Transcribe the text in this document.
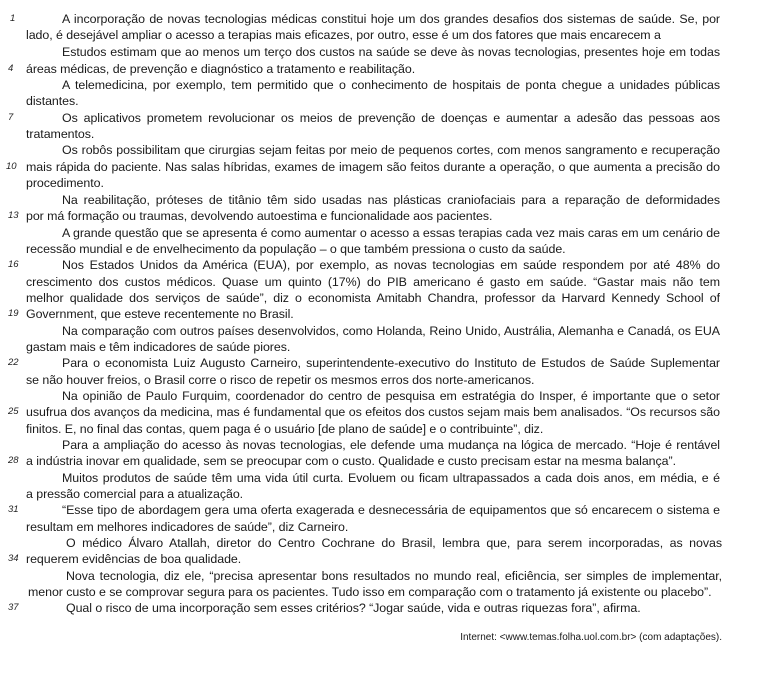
A incorporação de novas tecnologias médicas constitui hoje um dos grandes desafios dos sistemas de saúde. Se, por
lado, é desejável ampliar o acesso a terapias mais eficazes, por outro, esse é um dos fatores que mais encarecem a
Estudos estimam que ao menos um terço dos custos na saúde se deve às novas tecnologias, presentes hoje em todas
áreas médicas, de prevenção e diagnóstico a tratamento e reabilitação.
A telemedicina, por exemplo, tem permitido que o conhecimento de hospitais de ponta chegue a unidades públicas
distantes.
Os aplicativos prometem revolucionar os meios de prevenção de doenças e aumentar a adesão das pessoas aos
tratamentos.
Os robôs possibilitam que cirurgias sejam feitas por meio de pequenos cortes, com menos sangramento e recuperação
mais rápida do paciente. Nas salas híbridas, exames de imagem são feitos durante a operação, o que aumenta a precisão do
procedimento.
Na reabilitação, próteses de titânio têm sido usadas nas plásticas craniofaciais para a reparação de deformidades
por má formação ou traumas, devolvendo autoestima e funcionalidade aos pacientes.
A grande questão que se apresenta é como aumentar o acesso a essas terapias cada vez mais caras em um cenário de
recessão mundial e de envelhecimento da população – o que também pressiona o custo da saúde.
Nos Estados Unidos da América (EUA), por exemplo, as novas tecnologias em saúde respondem por até 48% do
crescimento dos custos médicos. Quase um quinto (17%) do PIB americano é gasto em saúde. “Gastar mais não tem
melhor qualidade dos serviços de saúde”, diz o economista Amitabh Chandra, professor da Harvard Kennedy School of
Government, que esteve recentemente no Brasil.
Na comparação com outros países desenvolvidos, como Holanda, Reino Unido, Austrália, Alemanha e Canadá, os EUA
gastam mais e têm indicadores de saúde piores.
Para o economista Luiz Augusto Carneiro, superintendente-executivo do Instituto de Estudos de Saúde Suplementar
se não houver freios, o Brasil corre o risco de repetir os mesmos erros dos norte-americanos.
Na opinião de Paulo Furquim, coordenador do centro de pesquisa em estratégia do Insper, é importante que o setor
usufrua dos avanços da medicina, mas é fundamental que os efeitos dos custos sejam mais bem analisados. “Os recursos são
finitos. E, no final das contas, quem paga é o usuário [de plano de saúde] e o contribuinte”, diz.
Para a ampliação do acesso às novas tecnologias, ele defende uma mudança na lógica de mercado. “Hoje é rentável
a indústria inovar em qualidade, sem se preocupar com o custo. Qualidade e custo precisam estar na mesma balança”.
Muitos produtos de saúde têm uma vida útil curta. Evoluem ou ficam ultrapassados a cada dois anos, em média, e é
a pressão comercial para a atualização.
“Esse tipo de abordagem gera uma oferta exagerada e desnecessária de equipamentos que só encarecem o sistema e
resultam em melhores indicadores de saúde”, diz Carneiro.
O médico Álvaro Atallah, diretor do Centro Cochrane do Brasil, lembra que, para serem incorporadas, as novas
requerem evidências de boa qualidade.
Nova tecnologia, diz ele, “precisa apresentar bons resultados no mundo real, eficiência, ser simples de implementar,
menor custo e se comprovar segura para os pacientes. Tudo isso em comparação com o tratamento já existente ou placebo”.
Qual o risco de uma incorporação sem esses critérios? “Jogar saúde, vida e outras riquezas fora”, afirma.
1
4
7
10
13
16
19
22
25
28
31
34
37
Internet: <www.temas.folha.uol.com.br> (com adaptações).
